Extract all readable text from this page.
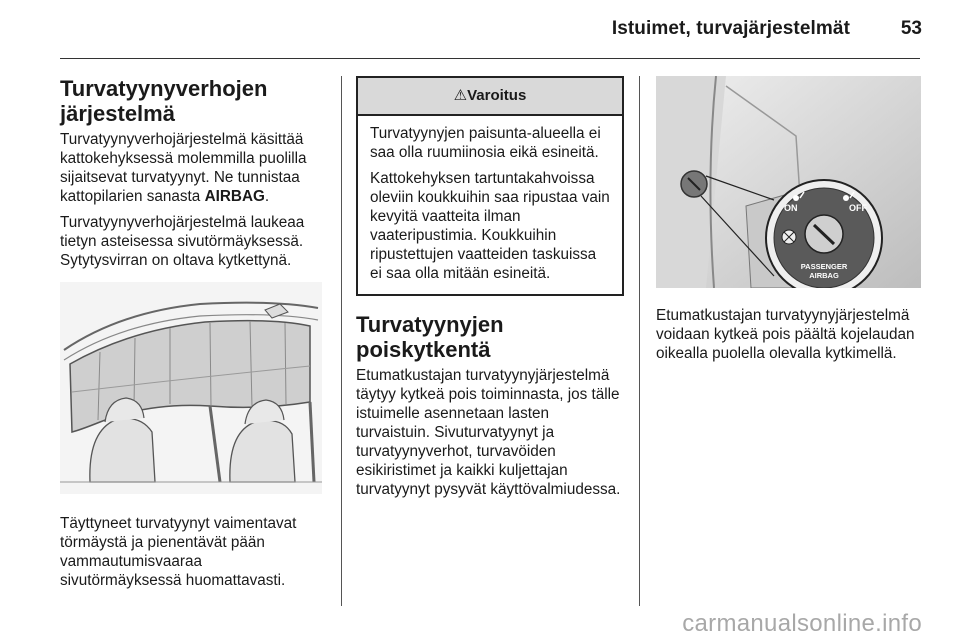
Istuimet, turvajärjestelmät	53
Turvatyynyverhojen
järjestelmä

Turvatyynyverhojärjestelmä käsittää kattokehyksessä molemmilla puolilla sijaitsevat turvatyynyt. Ne tunnistaa kattopilarien sanasta AIRBAG.

Turvatyynyverhojärjestelmä laukeaa tietyn asteisessa sivutörmäyksessä. Sytytysvirran on oltava kytkettynä.

Täyttyneet turvatyynyt vaimentavat törmäystä ja pienentävät pään vammautumisvaaraa sivutörmäyksessä huomattavasti.

⚠Varoitus

Turvatyynyjen paisunta-alueella ei saa olla ruumiinosia eikä esineitä.

Kattokehyksen tartuntakahvoissa oleviin koukkuihin saa ripustaa vain kevyitä vaatteita ilman vaateripustimia. Koukkuihin ripustettujen vaatteiden taskuissa ei saa olla mitään esineitä.

Turvatyynyjen
poiskytkentä

Etumatkustajan turvatyynyjärjestelmä täytyy kytkeä pois toiminnasta, jos tälle istuimelle asennetaan lasten turvaistuin. Sivuturvatyynyt ja turvatyynyverhot, turvavöiden esikiristimet ja kaikki kuljettajan turvatyynyt pysyvät käyttövalmiudessa.

ON	OFF
PASSENGER
AIRBAG

Etumatkustajan turvatyynyjärjestelmä voidaan kytkeä pois päältä kojelaudan oikealla puolella olevalla kytkimellä.

carmanualsonline.info
